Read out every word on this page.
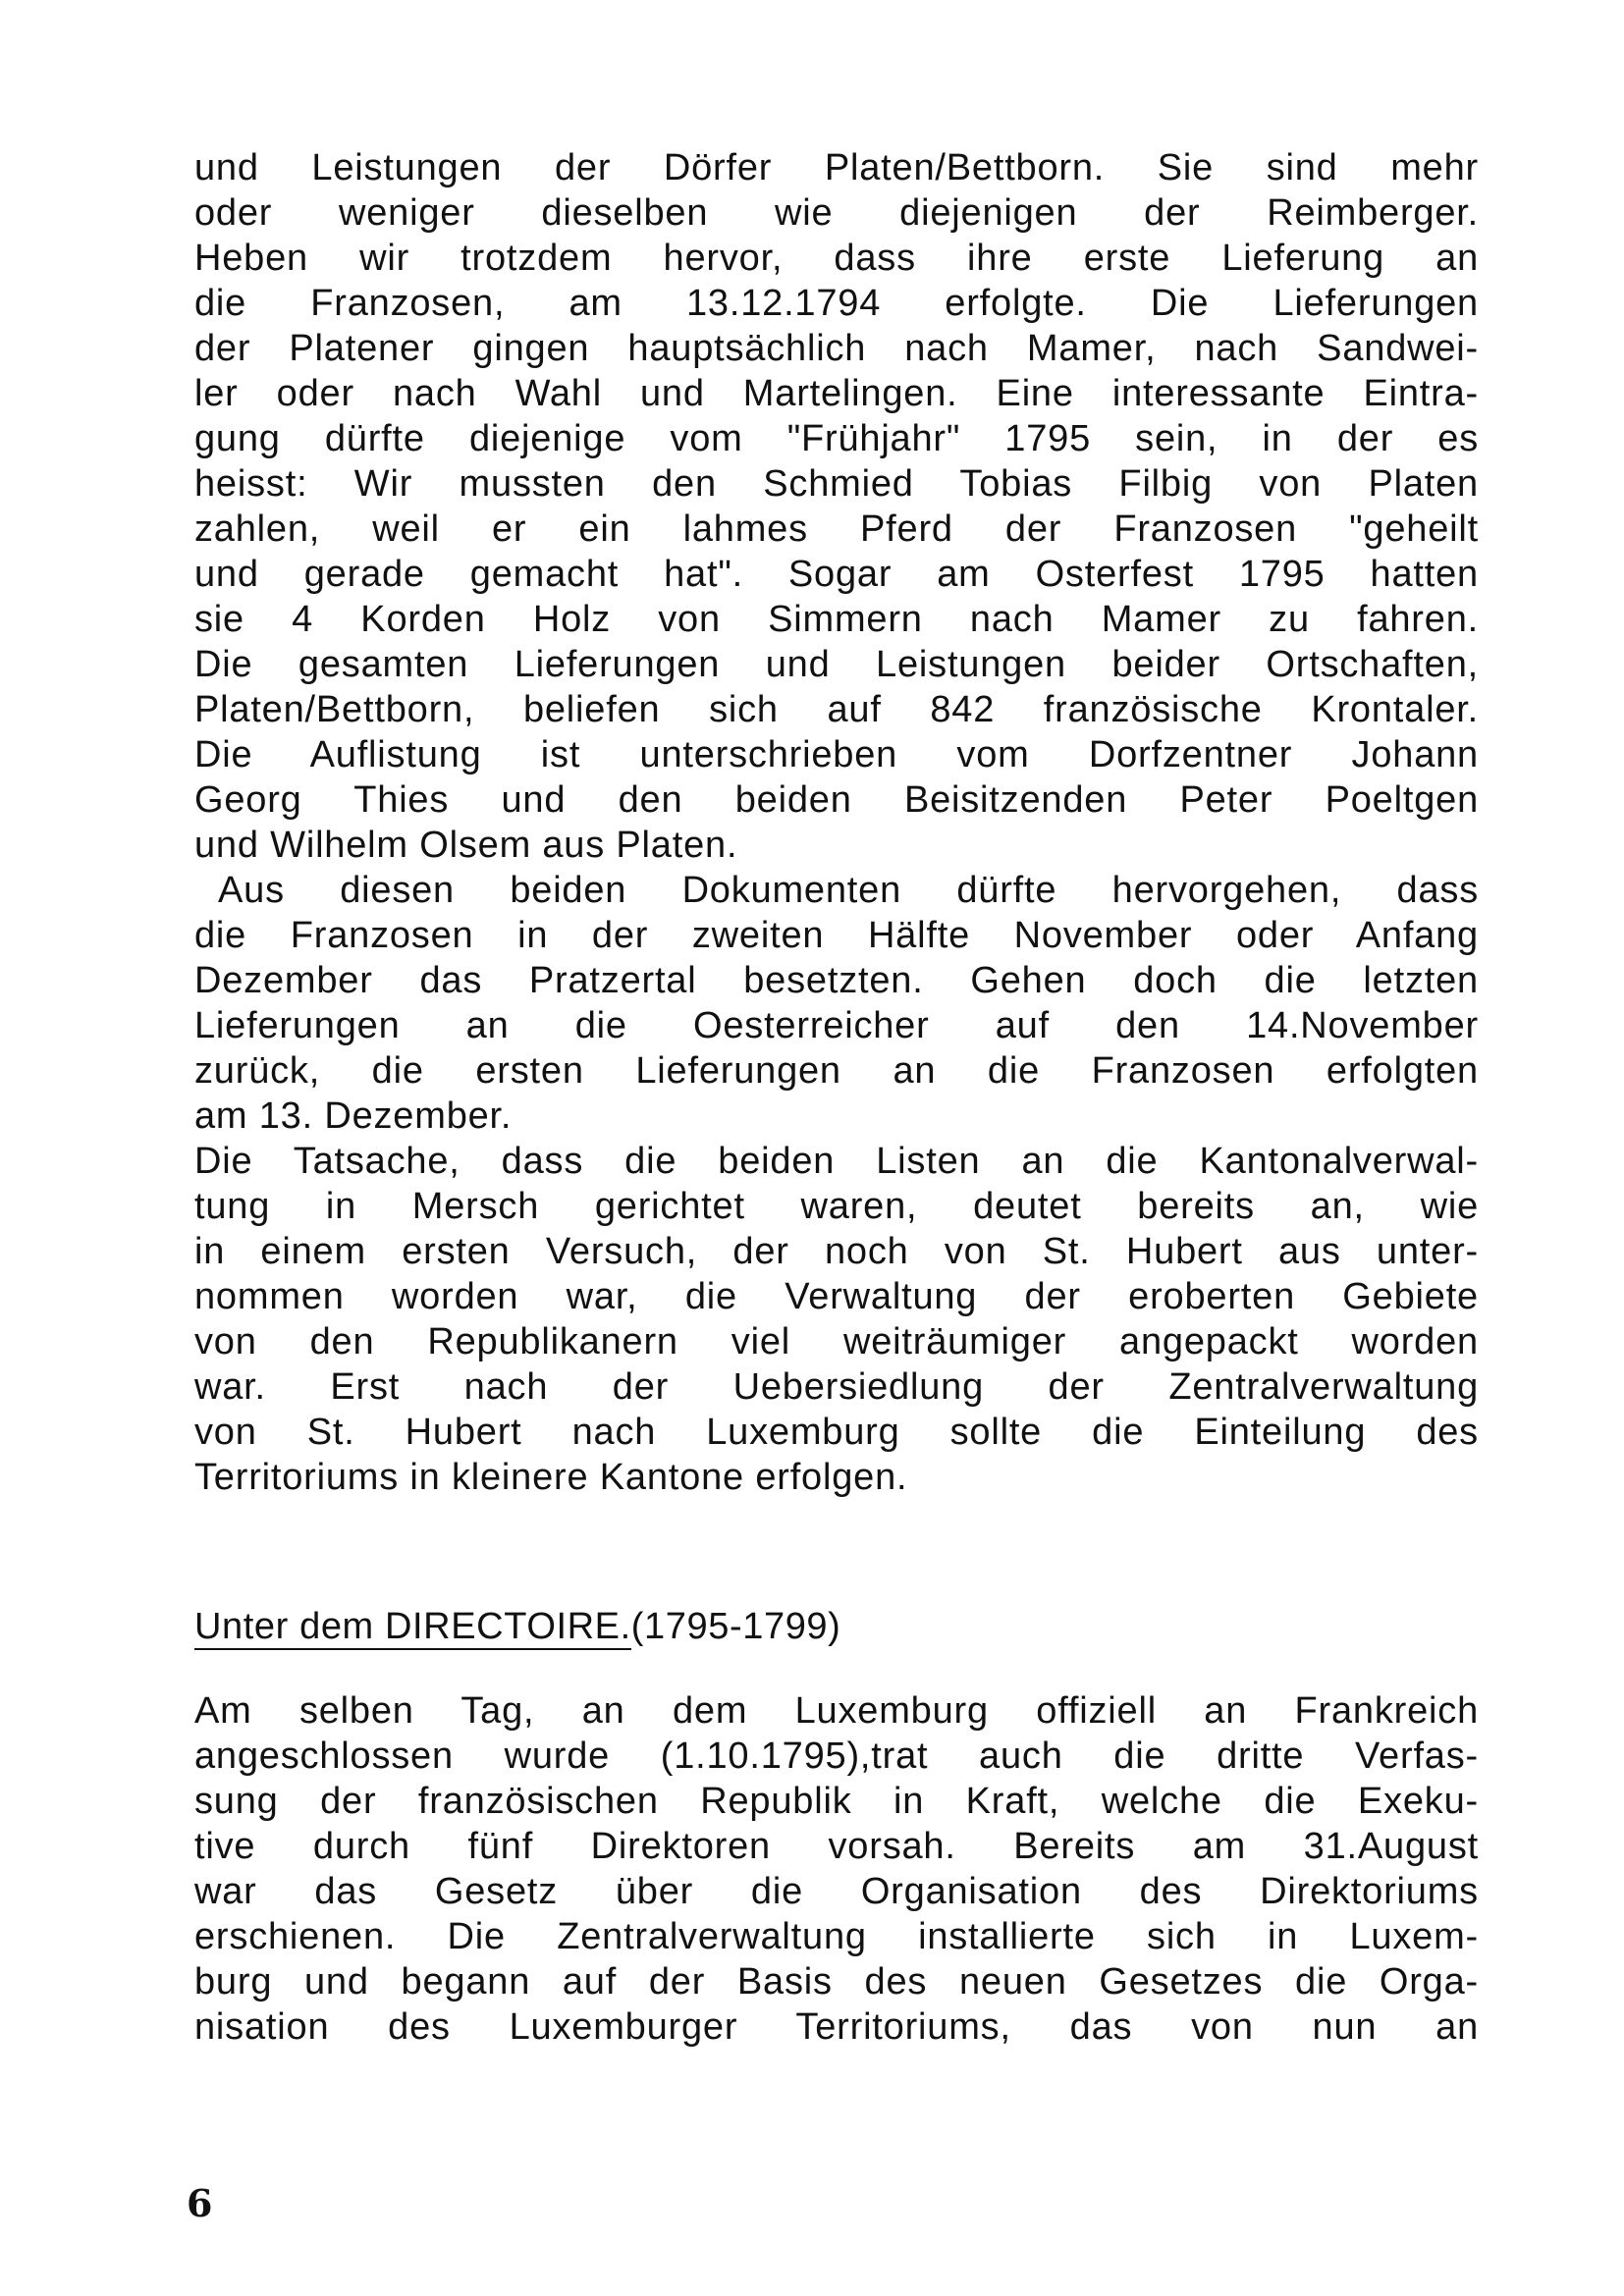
und Leistungen der Dörfer Platen/Bettborn. Sie sind mehr
oder weniger dieselben wie diejenigen der Reimberger.
Heben wir trotzdem hervor, dass ihre erste Lieferung an
die Franzosen, am 13.12.1794 erfolgte. Die Lieferungen
der Platener gingen hauptsächlich nach Mamer, nach Sandwei-
ler oder nach Wahl und Martelingen. Eine interessante Eintra-
gung dürfte diejenige vom "Frühjahr" 1795 sein, in der es
heisst: Wir mussten den Schmied Tobias Filbig von Platen
zahlen, weil er ein lahmes Pferd der Franzosen "geheilt
und gerade gemacht hat". Sogar am Osterfest 1795 hatten
sie 4 Korden Holz von Simmern nach Mamer zu fahren.
Die gesamten Lieferungen und Leistungen beider Ortschaften,
Platen/Bettborn, beliefen sich auf 842 französische Krontaler.
Die Auflistung ist unterschrieben vom Dorfzentner Johann
Georg Thies und den beiden Beisitzenden Peter Poeltgen
und Wilhelm Olsem aus Platen.
Aus diesen beiden Dokumenten dürfte hervorgehen, dass
die Franzosen in der zweiten Hälfte November oder Anfang
Dezember das Pratzertal besetzten. Gehen doch die letzten
Lieferungen an die Oesterreicher auf den 14.November
zurück, die ersten Lieferungen an die Franzosen erfolgten
am 13. Dezember.
Die Tatsache, dass die beiden Listen an die Kantonalverwal-
tung in Mersch gerichtet waren, deutet bereits an, wie
in einem ersten Versuch, der noch von St. Hubert aus unter-
nommen worden war, die Verwaltung der eroberten Gebiete
von den Republikanern viel weiträumiger angepackt worden
war. Erst nach der Uebersiedlung der Zentralverwaltung
von St. Hubert nach Luxemburg sollte die Einteilung des
Territoriums in kleinere Kantone erfolgen.
Unter dem DIRECTOIRE.(1795-1799)
Am selben Tag, an dem Luxemburg offiziell an Frankreich
angeschlossen wurde (1.10.1795),trat auch die dritte Verfas-
sung der französischen Republik in Kraft, welche die Exeku-
tive durch fünf Direktoren vorsah. Bereits am 31.August
war das Gesetz über die Organisation des Direktoriums
erschienen. Die Zentralverwaltung installierte sich in Luxem-
burg und begann auf der Basis des neuen Gesetzes die Orga-
nisation des Luxemburger Territoriums, das von nun an
6
